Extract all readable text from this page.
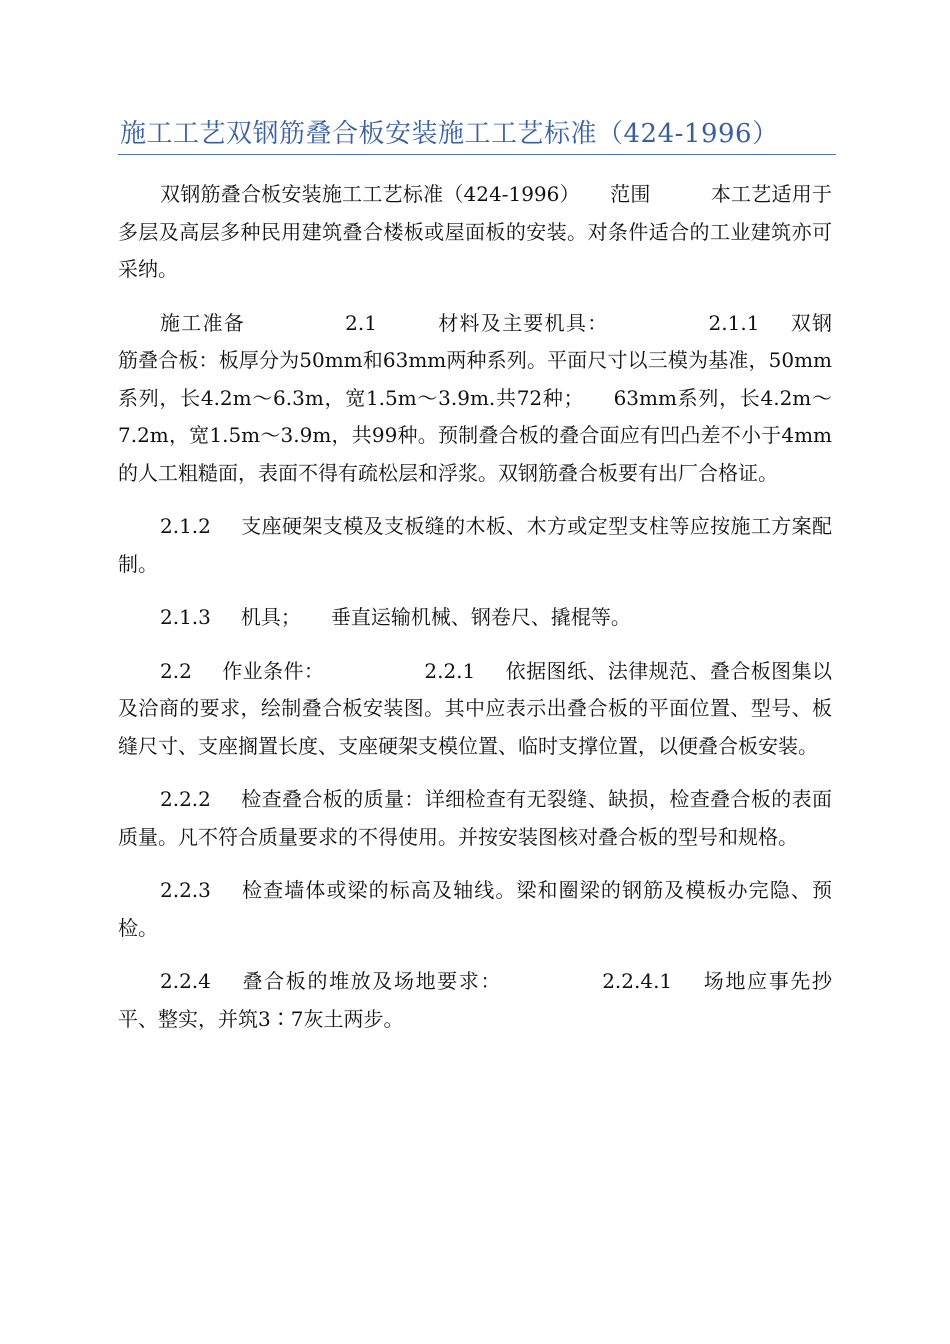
施工工艺双钢筋叠合板安装施工工艺标准（424-1996）

双钢筋叠合板安装施工工艺标准（424-1996） 范围	本工艺适用于多层及高层多种民用建筑叠合楼板或屋面板的安装。对条件适合的工业建筑亦可采纳。

施工准备	2.1	材料及主要机具：	2.1.1 双钢筋叠合板：板厚分为50mm和63mm两种系列。平面尺寸以三模为基准，50mm系列，长4.2m～6.3m，宽1.5m～3.9m.共72种； 63mm系列，长4.2m～7.2m，宽1.5m～3.9m，共99种。预制叠合板的叠合面应有凹凸差不小于4mm的人工粗糙面，表面不得有疏松层和浮浆。双钢筋叠合板要有出厂合格证。

2.1.2 支座硬架支模及支板缝的木板、木方或定型支柱等应按施工方案配制。

2.1.3 机具； 垂直运输机械、钢卷尺、撬棍等。

2.2 作业条件：	2.2.1 依据图纸、法律规范、叠合板图集以及洽商的要求，绘制叠合板安装图。其中应表示出叠合板的平面位置、型号、板缝尺寸、支座搁置长度、支座硬架支模位置、临时支撑位置，以便叠合板安装。

2.2.2 检查叠合板的质量：详细检查有无裂缝、缺损，检查叠合板的表面质量。凡不符合质量要求的不得使用。并按安装图核对叠合板的型号和规格。

2.2.3 检查墙体或梁的标高及轴线。梁和圈梁的钢筋及模板办完隐、预检。

2.2.4 叠合板的堆放及场地要求：	2.2.4.1 场地应事先抄平、整实，并筑3∶7灰土两步。
